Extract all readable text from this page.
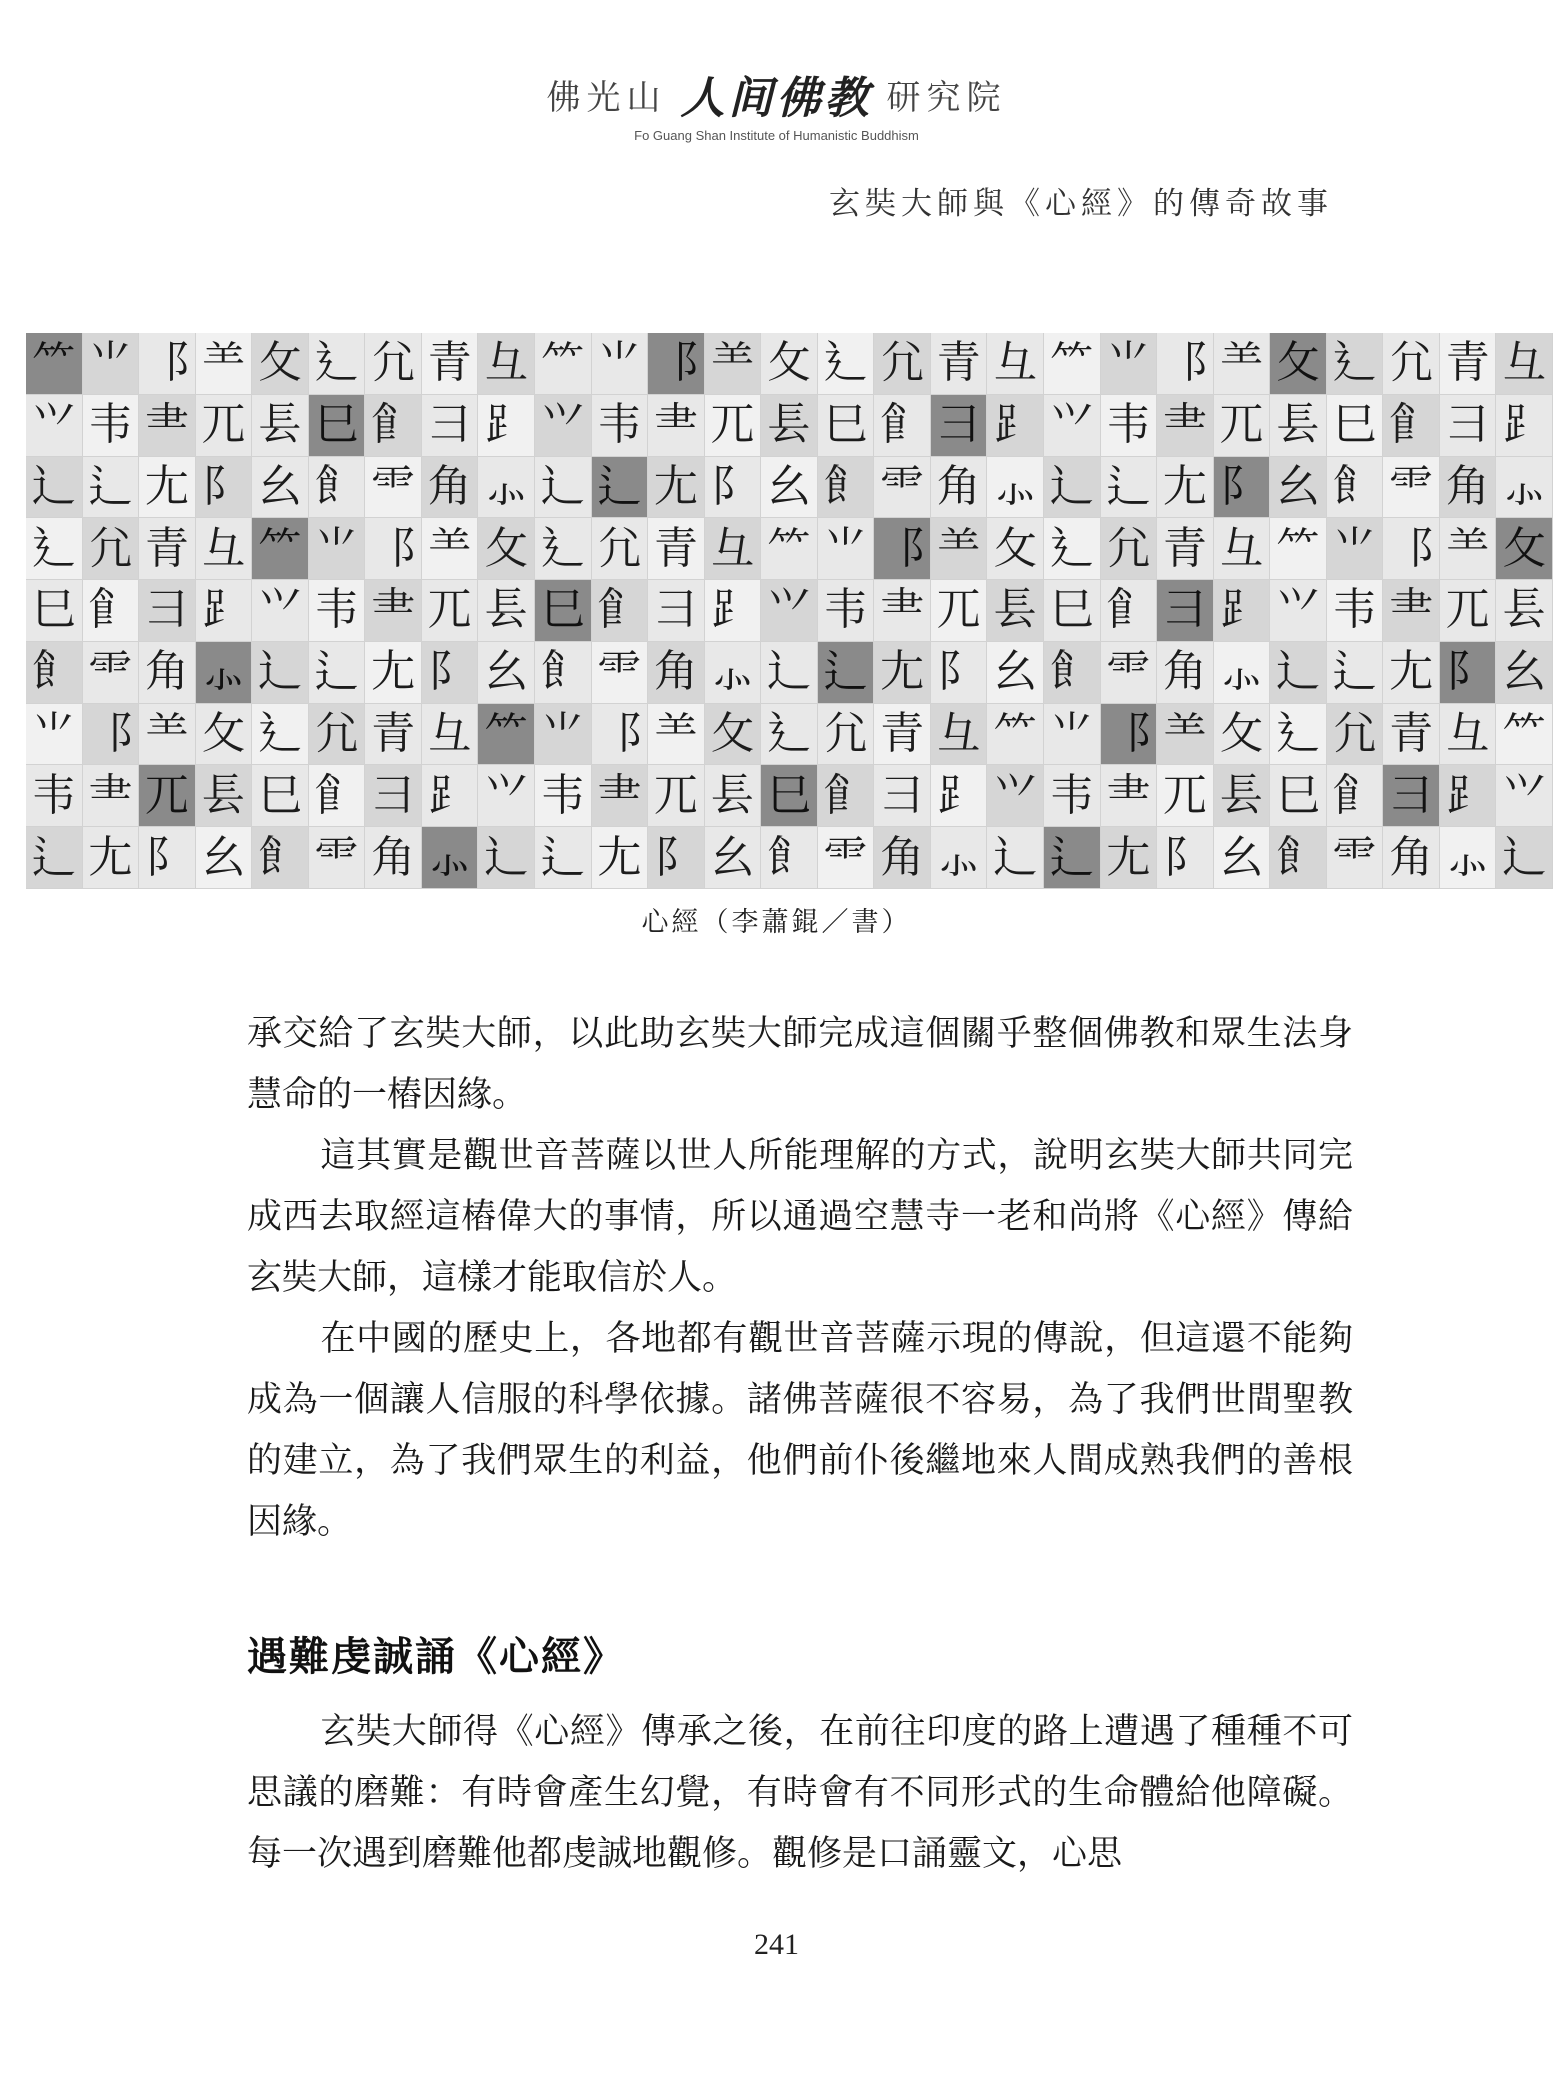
佛光山 人间佛教 研究院
Fo Guang Shan Institute of Humanistic Buddhism
玄奘大師與《心經》的傳奇故事
⺮ ⺌ ⻏ ⺷ ⺙ ⻎ ⺑ ⻘ ⺔ ⺮ ⺌ ⻏ ⺷ ⺙ ⻎ ⺑ ⻘ ⺔ ⺮ ⺌ ⻏ ⺷ ⺙ ⻎ ⺑ ⻘ ⺔
⺍ ⻙ ⺻ ⺎ ⻒ ⺒ ⻞ ⺕ ⻊ ⺍ ⻙ ⺻ ⺎ ⻒ ⺒ ⻞ ⺕ ⻊ ⺍ ⻙ ⺻ ⺎ ⻒ ⺒ ⻞ ⺕ ⻊
⻌ ⻍ ⺐ ⻖ ⺓ ⻟ ⻗ ⻆ ⺗ ⻌ ⻍ ⺐ ⻖ ⺓ ⻟ ⻗ ⻆ ⺗ ⻌ ⻍ ⺐ ⻖ ⺓ ⻟ ⻗ ⻆ ⺗
⻎ ⺑ ⻘ ⺔ ⺮ ⺌ ⻏ ⺷ ⺙ ⻎ ⺑ ⻘ ⺔ ⺮ ⺌ ⻏ ⺷ ⺙ ⻎ ⺑ ⻘ ⺔ ⺮ ⺌ ⻏ ⺷ ⺙
⺒ ⻞ ⺕ ⻊ ⺍ ⻙ ⺻ ⺎ ⻒ ⺒ ⻞ ⺕ ⻊ ⺍ ⻙ ⺻ ⺎ ⻒ ⺒ ⻞ ⺕ ⻊ ⺍ ⻙ ⺻ ⺎ ⻒
⻟ ⻗ ⻆ ⺗ ⻌ ⻍ ⺐ ⻖ ⺓ ⻟ ⻗ ⻆ ⺗ ⻌ ⻍ ⺐ ⻖ ⺓ ⻟ ⻗ ⻆ ⺗ ⻌ ⻍ ⺐ ⻖ ⺓
⺌ ⻏ ⺷ ⺙ ⻎ ⺑ ⻘ ⺔ ⺮ ⺌ ⻏ ⺷ ⺙ ⻎ ⺑ ⻘ ⺔ ⺮ ⺌ ⻏ ⺷ ⺙ ⻎ ⺑ ⻘ ⺔ ⺮
⻙ ⺻ ⺎ ⻒ ⺒ ⻞ ⺕ ⻊ ⺍ ⻙ ⺻ ⺎ ⻒ ⺒ ⻞ ⺕ ⻊ ⺍ ⻙ ⺻ ⺎ ⻒ ⺒ ⻞ ⺕ ⻊ ⺍
⻍ ⺐ ⻖ ⺓ ⻟ ⻗ ⻆ ⺗ ⻌ ⻍ ⺐ ⻖ ⺓ ⻟ ⻗ ⻆ ⺗ ⻌ ⻍ ⺐ ⻖ ⺓ ⻟ ⻗ ⻆ ⺗ ⻌
心經（李蕭錕／書）

承交給了玄奘大師，以此助玄奘大師完成這個關乎整個佛教和眾生法身慧命的一樁因緣。

這其實是觀世音菩薩以世人所能理解的方式，說明玄奘大師共同完成西去取經這樁偉大的事情，所以通過空慧寺一老和尚將《心經》傳給玄奘大師，這樣才能取信於人。

在中國的歷史上，各地都有觀世音菩薩示現的傳說，但這還不能夠成為一個讓人信服的科學依據。諸佛菩薩很不容易，為了我們世間聖教的建立，為了我們眾生的利益，他們前仆後繼地來人間成熟我們的善根因緣。

遇難虔誠誦《心經》

玄奘大師得《心經》傳承之後，在前往印度的路上遭遇了種種不可思議的磨難：有時會產生幻覺，有時會有不同形式的生命體給他障礙。每一次遇到磨難他都虔誠地觀修。觀修是口誦靈文，心思

241
